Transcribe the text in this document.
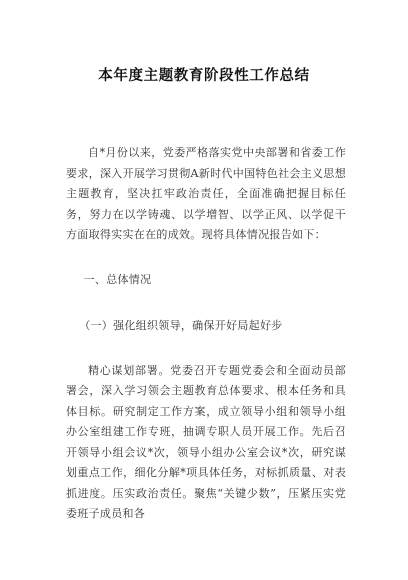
本年度主题教育阶段性工作总结

自*月份以来，党委严格落实党中央部署和省委工作要求，深入开展学习贯彻A新时代中国特色社会主义思想主题教育，坚决扛牢政治责任，全面准确把握目标任务，努力在以学铸魂、以学增智、以学正风、以学促干方面取得实实在在的成效。现将具体情况报告如下：

一、总体情况

（一）强化组织领导，确保开好局起好步

精心谋划部署。党委召开专题党委会和全面动员部署会，深入学习领会主题教育总体要求、根本任务和具体目标。研究制定工作方案，成立领导小组和领导小组办公室组建工作专班，抽调专职人员开展工作。先后召开领导小组会议*次，领导小组办公室会议*次，研究谋划重点工作，细化分解*项具体任务，对标抓质量、对表抓进度。压实政治责任。聚焦“关键少数”，压紧压实党委班子成员和各
